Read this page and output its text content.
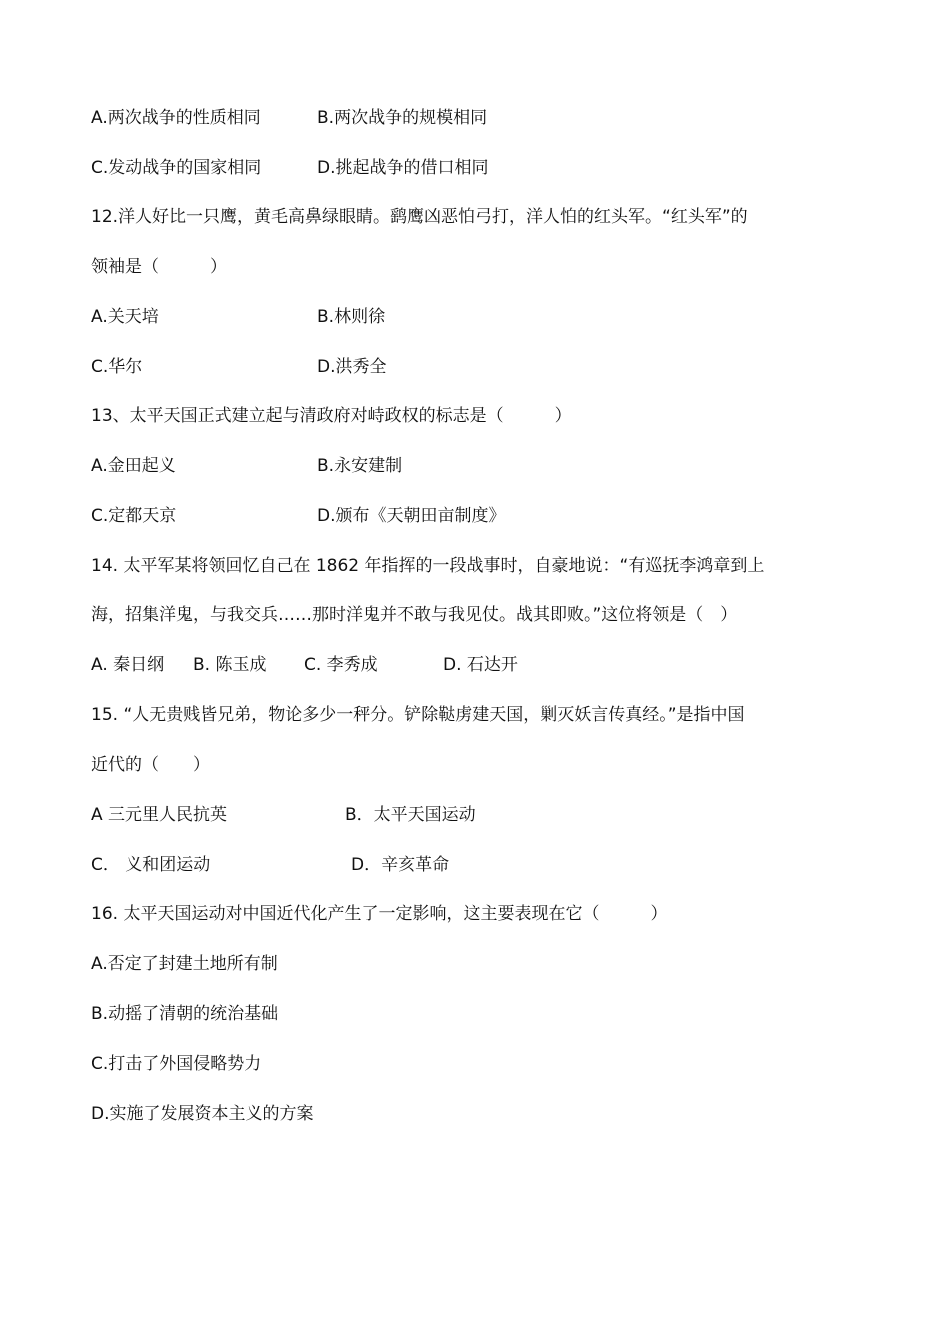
A.两次战争的性质相同	B.两次战争的规模相同
C.发动战争的国家相同	D.挑起战争的借口相同
12.洋人好比一只鹰，黄毛高鼻绿眼睛。鹞鹰凶恶怕弓打，洋人怕的红头军。“红头军”的
领袖是（　　　）
A.关天培	B.林则徐
C.华尔	D.洪秀全
13、太平天国正式建立起与清政府对峙政权的标志是（　　　）
A.金田起义	B.永安建制
C.定都天京	D.颁布《天朝田亩制度》
14. 太平军某将领回忆自己在 1862 年指挥的一段战事时，自豪地说：“有巡抚李鸿章到上
海，招集洋鬼，与我交兵……那时洋鬼并不敢与我见仗。战其即败。”这位将领是（　）
A. 秦日纲 B. 陈玉成 C. 李秀成	D. 石达开
15. “人无贵贱皆兄弟，物论多少一秤分。铲除鞑虏建天国，剿灭妖言传真经。”是指中国
近代的（　　）
A 三元里人民抗英	B．太平天国运动
C． 义和团运动	D．辛亥革命
16. 太平天国运动对中国近代化产生了一定影响，这主要表现在它（　　　）
A.否定了封建土地所有制
B.动摇了清朝的统治基础
C.打击了外国侵略势力
D.实施了发展资本主义的方案
